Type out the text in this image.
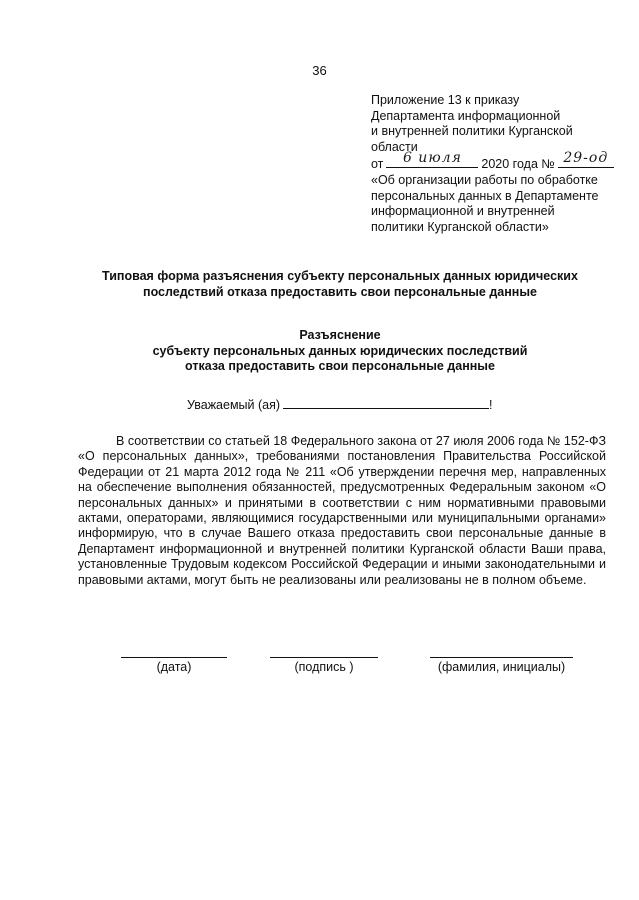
36
Приложение 13 к приказу
Департамента информационной
и внутренней политики Курганской
области
от	6 июля	2020 года № 29-од
«Об организации работы по обработке
персональных данных в Департаменте
информационной и внутренней
политики Курганской области»
Типовая форма разъяснения субъекту персональных данных юридических
последствий отказа предоставить свои персональные данные
Разъяснение
субъекту персональных данных юридических последствий
отказа предоставить свои персональные данные
Уважаемый (ая)	!

В соответствии со статьей 18 Федерального закона от 27 июля 2006 года № 152-ФЗ «О персональных данных», требованиями постановления Правительства Российской Федерации от 21 марта 2012 года № 211 «Об утверждении перечня мер, направленных на обеспечение выполнения обязанностей, предусмотренных Федеральным законом «О персональных данных» и принятыми в соответствии с ним нормативными правовыми актами, операторами, являющимися государственными или муниципальными органами» информирую, что в случае Вашего отказа предоставить свои персональные данные в Департамент информационной и внутренней политики Курганской области Ваши права, установленные Трудовым кодексом Российской Федерации и иными законодательными и правовыми актами, могут быть не реализованы или реализованы не в полном объеме.

(дата)	(подпись )	(фамилия, инициалы)
